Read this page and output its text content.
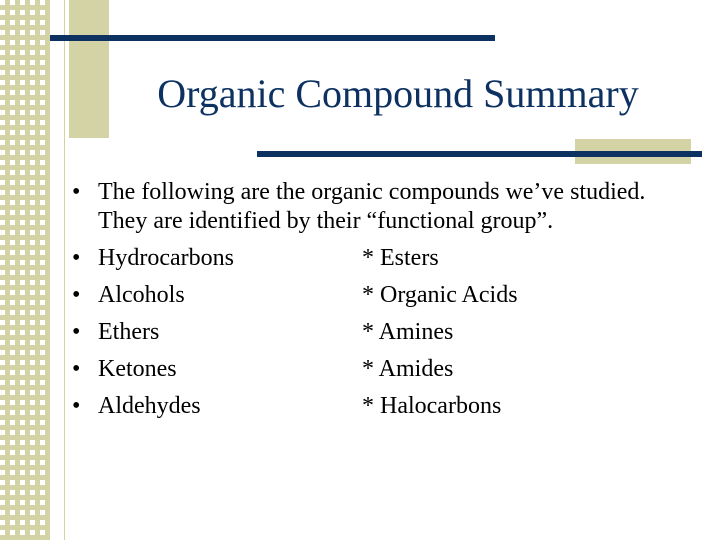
Organic Compound Summary
• The following are the organic compounds we’ve studied. They are identified by their “functional group”.
• Hydrocarbons	* Esters
• Alcohols	* Organic Acids
• Ethers	* Amines
• Ketones	* Amides
• Aldehydes	* Halocarbons
